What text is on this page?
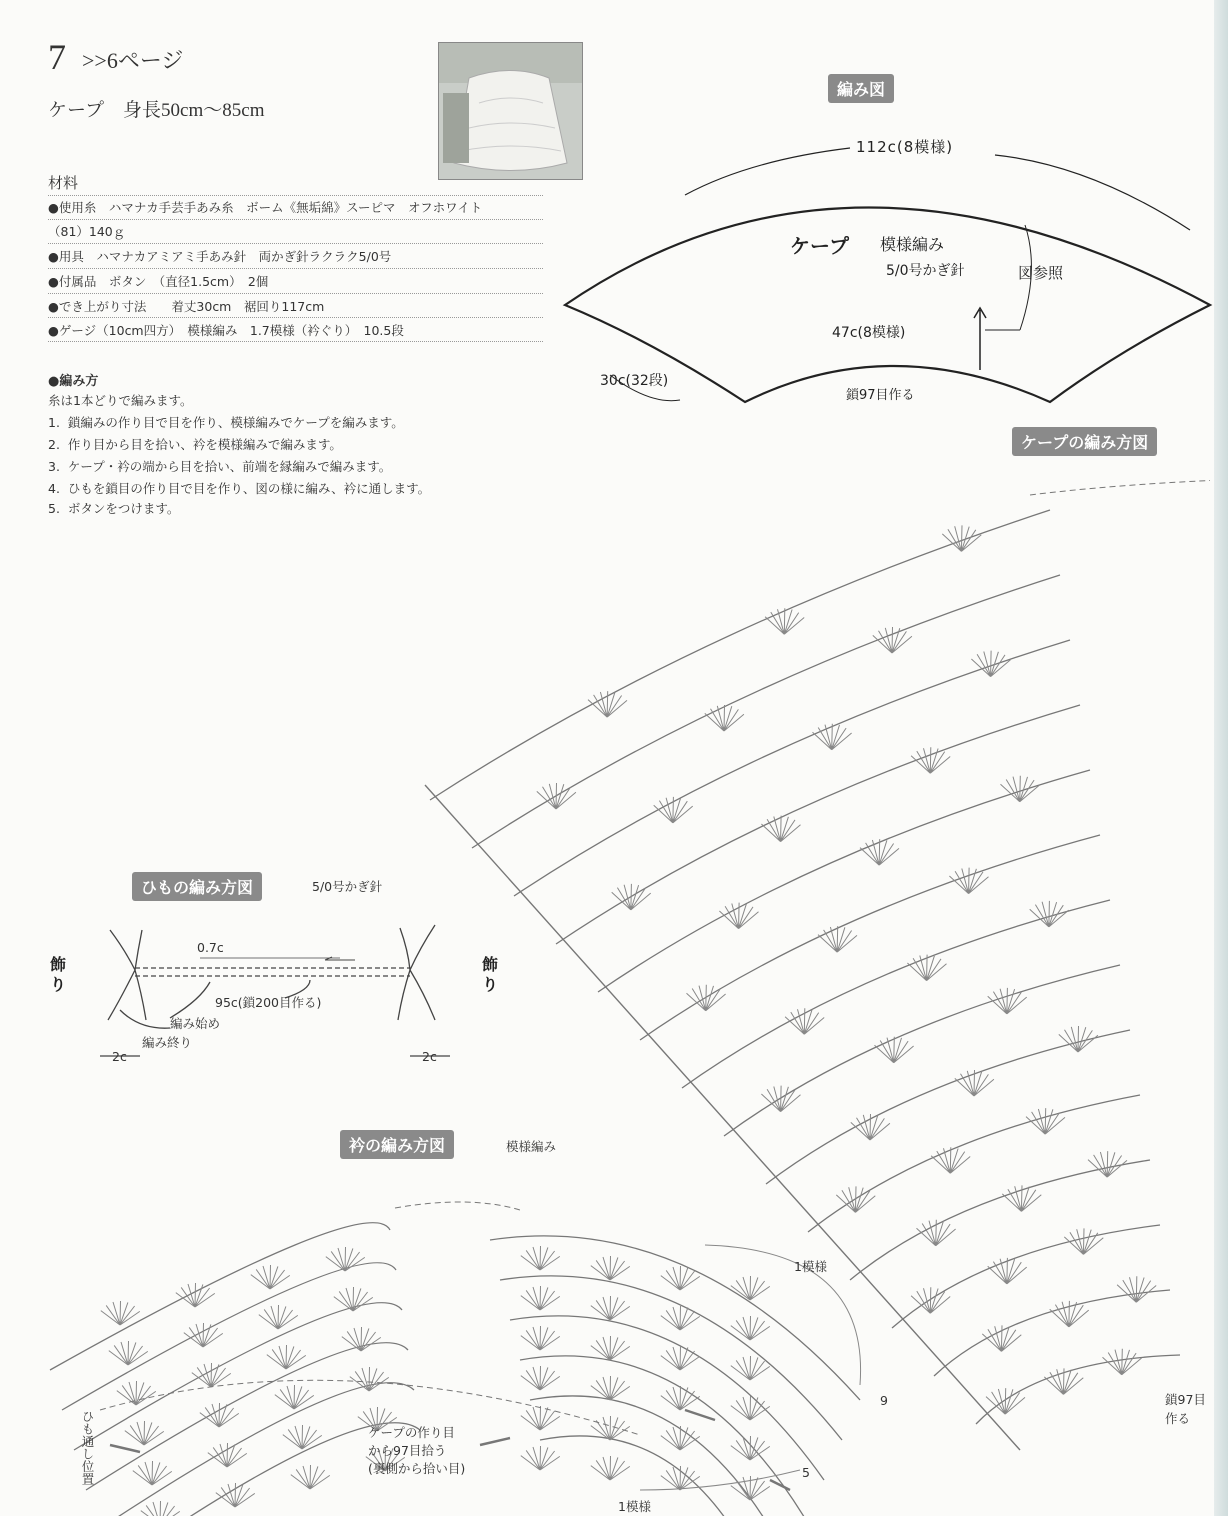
7 >>6ページ
ケープ　身長50cm～85cm
材料
●使用糸　ハマナカ手芸手あみ糸　ボーム《無垢綿》スーピマ　オフホワイト
（81）140ｇ
●用具　ハマナカアミアミ手あみ針　両かぎ針ラクラク5/0号
●付属品　ボタン　（直径1.5cm）　2個
●でき上がり寸法　　着丈30cm　裾回り117cm
●ゲージ（10cm四方）　模様編み　1.7模様（衿ぐり）　10.5段
●編み方
糸は1本どりで編みます。
1.  鎖編みの作り目で目を作り、模様編みでケープを編みます。
2.  作り目から目を拾い、衿を模様編みで編みます。
3.  ケープ・衿の端から目を拾い、前端を縁編みで編みます。
4.  ひもを鎖目の作り目で目を作り、図の様に編み、衿に通します。
5.  ボタンをつけます。
編み図
112c(8模様)
ケープ 模様編み
5/0号かぎ針	図参照
47c(8模様)
30c(32段)
鎖97目作る
ケープの編み方図
鎖97目
作る
ひもの編み方図	5/0号かぎ針
飾り
飾り
0.7c
95c(鎖200目作る)
編み始め
編み終り
2c	2c
衿の編み方図	模様編み
1模様
1模様
9
5
ケープの作り目
から97目拾う
(裏側から拾い目)
ひも通し位置
